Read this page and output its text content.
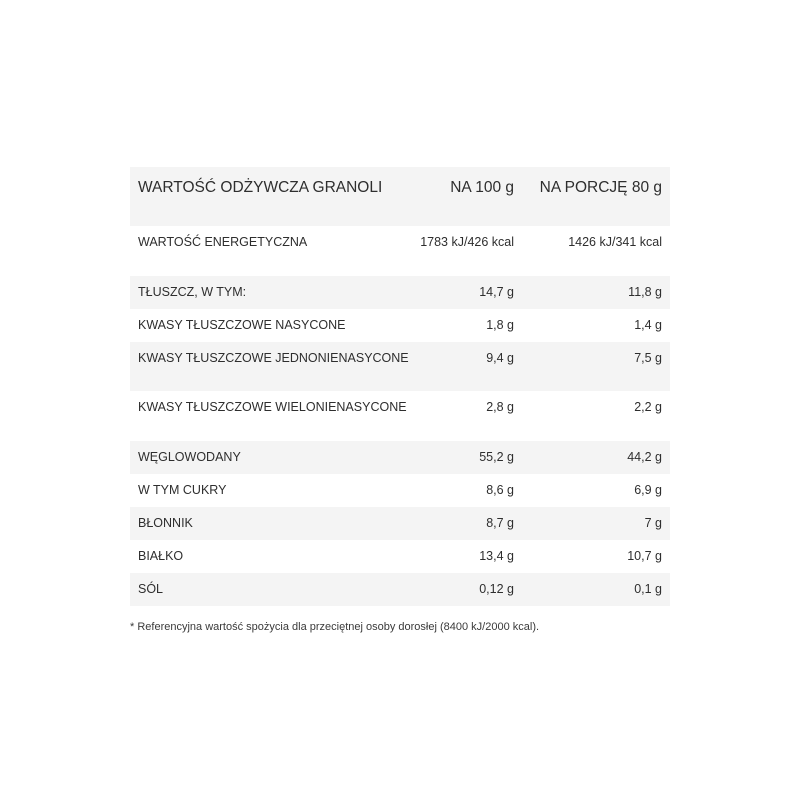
WARTOŚĆ ODŻYWCZA GRANOLI	NA 100 g	NA PORCJĘ 80 g
WARTOŚĆ ENERGETYCZNA	1783 kJ/426 kcal	1426 kJ/341 kcal
TŁUSZCZ, W TYM:	14,7 g	11,8 g
KWASY TŁUSZCZOWE NASYCONE	1,8 g	1,4 g
KWASY TŁUSZCZOWE JEDNONIENASYCONE	9,4 g	7,5 g
KWASY TŁUSZCZOWE WIELONIENASYCONE	2,8 g	2,2 g
WĘGLOWODANY	55,2 g	44,2 g
W TYM CUKRY	8,6 g	6,9 g
BŁONNIK	8,7 g	7 g
BIAŁKO	13,4 g	10,7 g
SÓL	0,12 g	0,1 g
* Referencyjna wartość spożycia dla przeciętnej osoby dorosłej (8400 kJ/2000 kcal).
